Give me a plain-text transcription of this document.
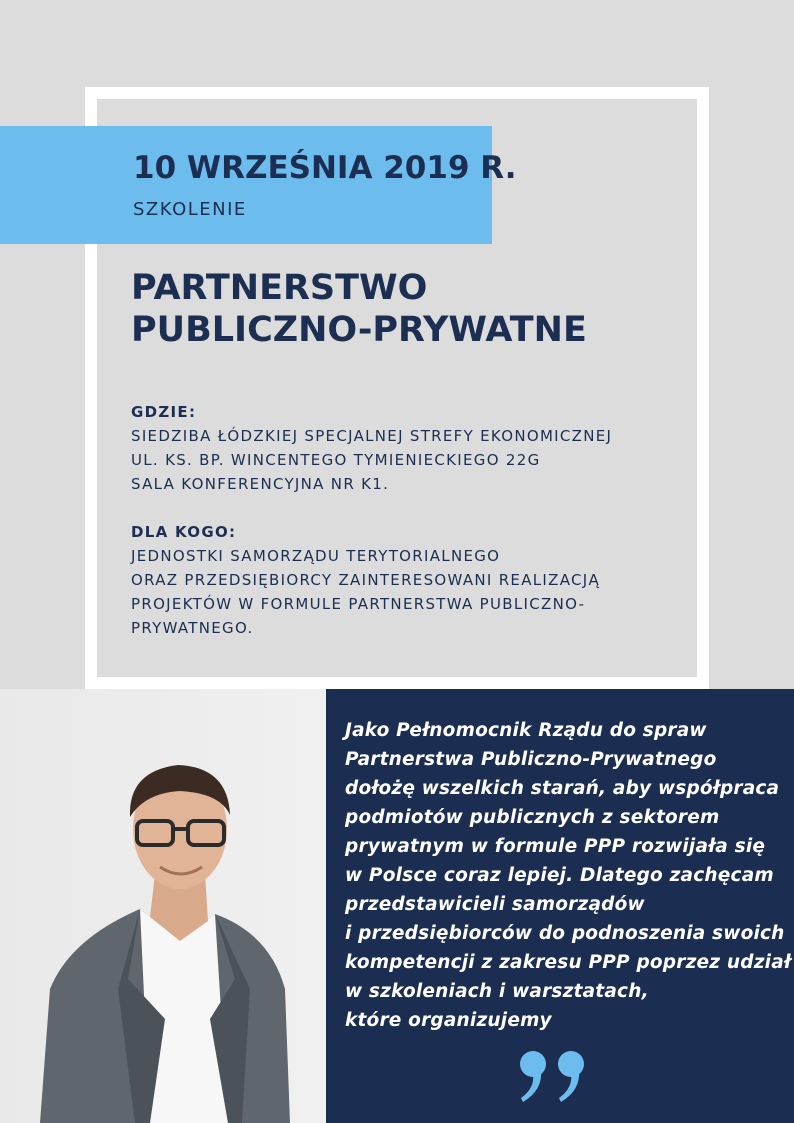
10 WRZEŚNIA 2019 R.
SZKOLENIE
PARTNERSTWO
PUBLICZNO-PRYWATNE
GDZIE:
SIEDZIBA ŁÓDZKIEJ SPECJALNEJ STREFY EKONOMICZNEJ
UL. KS. BP. WINCENTEGO TYMIENIECKIEGO 22G
SALA KONFERENCYJNA NR K1.
DLA KOGO:
JEDNOSTKI SAMORZĄDU TERYTORIALNEGO
ORAZ PRZEDSIĘBIORCY ZAINTERESOWANI REALIZACJĄ
PROJEKTÓW W FORMULE PARTNERSTWA PUBLICZNO-
PRYWATNEGO.
Jako Pełnomocnik Rządu do spraw
Partnerstwa Publiczno-Prywatnego
dołożę wszelkich starań, aby współpraca
podmiotów publicznych z sektorem
prywatnym w formule PPP rozwijała się
w Polsce coraz lepiej. Dlatego zachęcam
przedstawicieli samorządów
i przedsiębiorców do podnoszenia swoich
kompetencji z zakresu PPP poprzez udział
w szkoleniach i warsztatach,
które organizujemy
